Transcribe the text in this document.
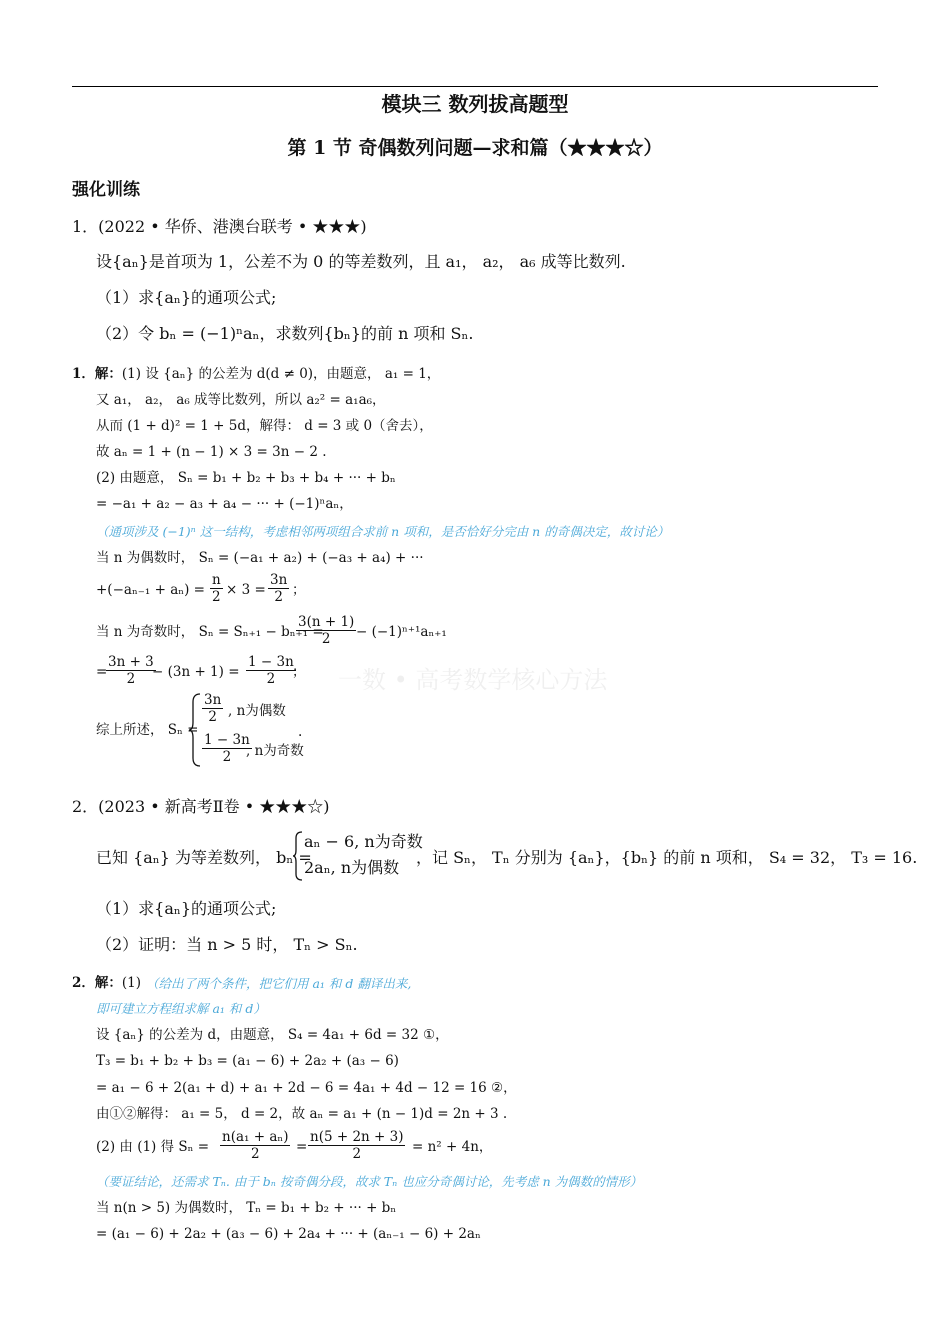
模块三 数列拔高题型
第 1 节 奇偶数列问题—求和篇（★★★☆）
强化训练
一数 • 高考数学核心方法
1．(2022 • 华侨、港澳台联考 • ★★★)
设{aₙ}是首项为 1，公差不为 0 的等差数列，且 a₁， a₂， a₆ 成等比数列.
（1）求{aₙ}的通项公式;
（2）令 bₙ = (−1)ⁿaₙ，求数列{bₙ}的前 n 项和 Sₙ.
1．解：(1) 设 {aₙ} 的公差为 d(d ≠ 0)，由题意， a₁ = 1，
又 a₁， a₂， a₆ 成等比数列，所以 a₂² = a₁a₆，
从而 (1 + d)² = 1 + 5d，解得： d = 3 或 0（舍去），
故 aₙ = 1 + (n − 1) × 3 = 3n − 2 .
(2) 由题意， Sₙ = b₁ + b₂ + b₃ + b₄ + ··· + bₙ
= −a₁ + a₂ − a₃ + a₄ − ··· + (−1)ⁿaₙ，
（通项涉及 (−1)ⁿ 这一结构，考虑相邻两项组合求前 n 项和，是否恰好分完由 n 的奇偶决定，故讨论）
当 n 为偶数时， Sₙ = (−a₁ + a₂) + (−a₃ + a₄) + ···
$+(-a_{n-1} + a_n) = \frac{n}{2} \times 3 = \frac{3n}{2}$ ；
当 n 为奇数时， Sₙ = Sₙ₊₁ − bₙ₊₁ =
$\frac{3(n + 1)}{2} - (-1)^{n+1}a_{n+1}$
=
$\frac{3n + 3}{2}$
− $(3n + 1) = \frac{1 - 3n}{2}$
；
综上所述， Sₙ =
$\frac{3n}{2}$ , n为偶数
$\frac{1 - 3n}{2}$
, n为奇数
.
2．(2023 • 新高考Ⅱ卷 • ★★★☆)
已知 {aₙ} 为等差数列， bₙ =
aₙ − 6, n为奇数
2aₙ, n为偶数
，记 Sₙ， Tₙ 分别为 {aₙ}，{bₙ} 的前 n 项和， S₄ = 32， T₃ = 16.
（1）求{aₙ}的通项公式;
（2）证明：当 n > 5 时， Tₙ > Sₙ.
2．解：(1) （给出了两个条件，把它们用 a₁ 和 d 翻译出来,
即可建立方程组求解 a₁ 和 d）
设 {aₙ} 的公差为 d，由题意， S₄ = 4a₁ + 6d = 32 ①，
T₃ = b₁ + b₂ + b₃ = (a₁ − 6) + 2a₂ + (a₃ − 6)
= a₁ − 6 + 2(a₁ + d) + a₁ + 2d − 6 = 4a₁ + 4d − 12 = 16 ②，
由①②解得： a₁ = 5， d = 2，故 aₙ = a₁ + (n − 1)d = 2n + 3 .
(2) 由 (1) 得 $S_n = \frac{\text{n(a₁ + aₙ)}}{2} = \frac{n(5 + 2n + 3)}{2} = n^2 + 4n$，
（要证结论，还需求 Tₙ. 由于 bₙ 按奇偶分段，故求 Tₙ 也应分奇偶讨论，先考虑 n 为偶数的情形）
当 n(n > 5) 为偶数时， Tₙ = b₁ + b₂ + ··· + bₙ
= (a₁ − 6) + 2a₂ + (a₃ − 6) + 2a₄ + ··· + (aₙ₋₁ − 6) + 2aₙ
